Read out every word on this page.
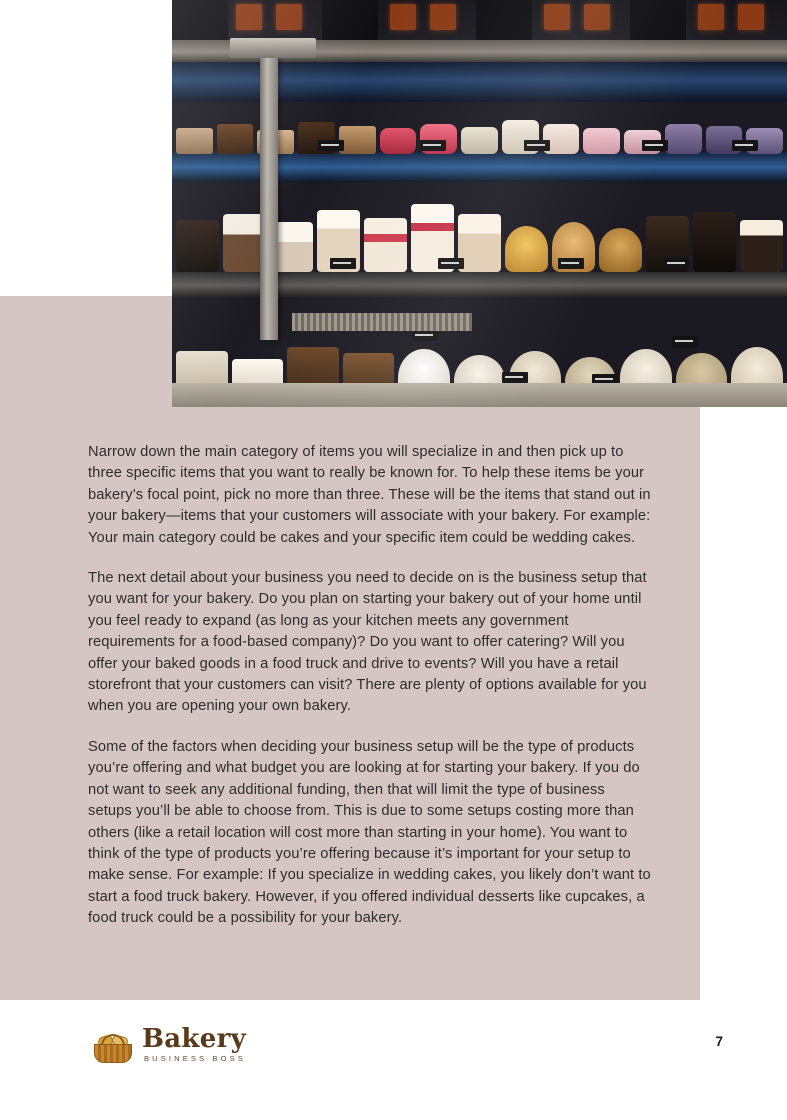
Narrow down the main category of items you will specialize in and then pick up to three specific items that you want to really be known for. To help these items be your bakery’s focal point, pick no more than three. These will be the items that stand out in your bakery—items that your customers will associate with your bakery. For example: Your main category could be cakes and your specific item could be wedding cakes.

The next detail about your business you need to decide on is the business setup that you want for your bakery. Do you plan on starting your bakery out of your home until you feel ready to expand (as long as your kitchen meets any government requirements for a food-based company)? Do you want to offer catering? Will you offer your baked goods in a food truck and drive to events? Will you have a retail storefront that your customers can visit? There are plenty of options available for you when you are opening your own bakery.

Some of the factors when deciding your business setup will be the type of products you’re offering and what budget you are looking at for starting your bakery. If you do not want to seek any additional funding, then that will limit the type of business setups you’ll be able to choose from. This is due to some setups costing more than others (like a retail location will cost more than starting in your home). You want to think of the type of products you’re offering because it’s important for your setup to make sense. For example: If you specialize in wedding cakes, you likely don’t want to start a food truck bakery. However, if you offered individual desserts like cupcakes, a food truck could be a possibility for your bakery.

Bakery
BUSINESS BOSS
7
